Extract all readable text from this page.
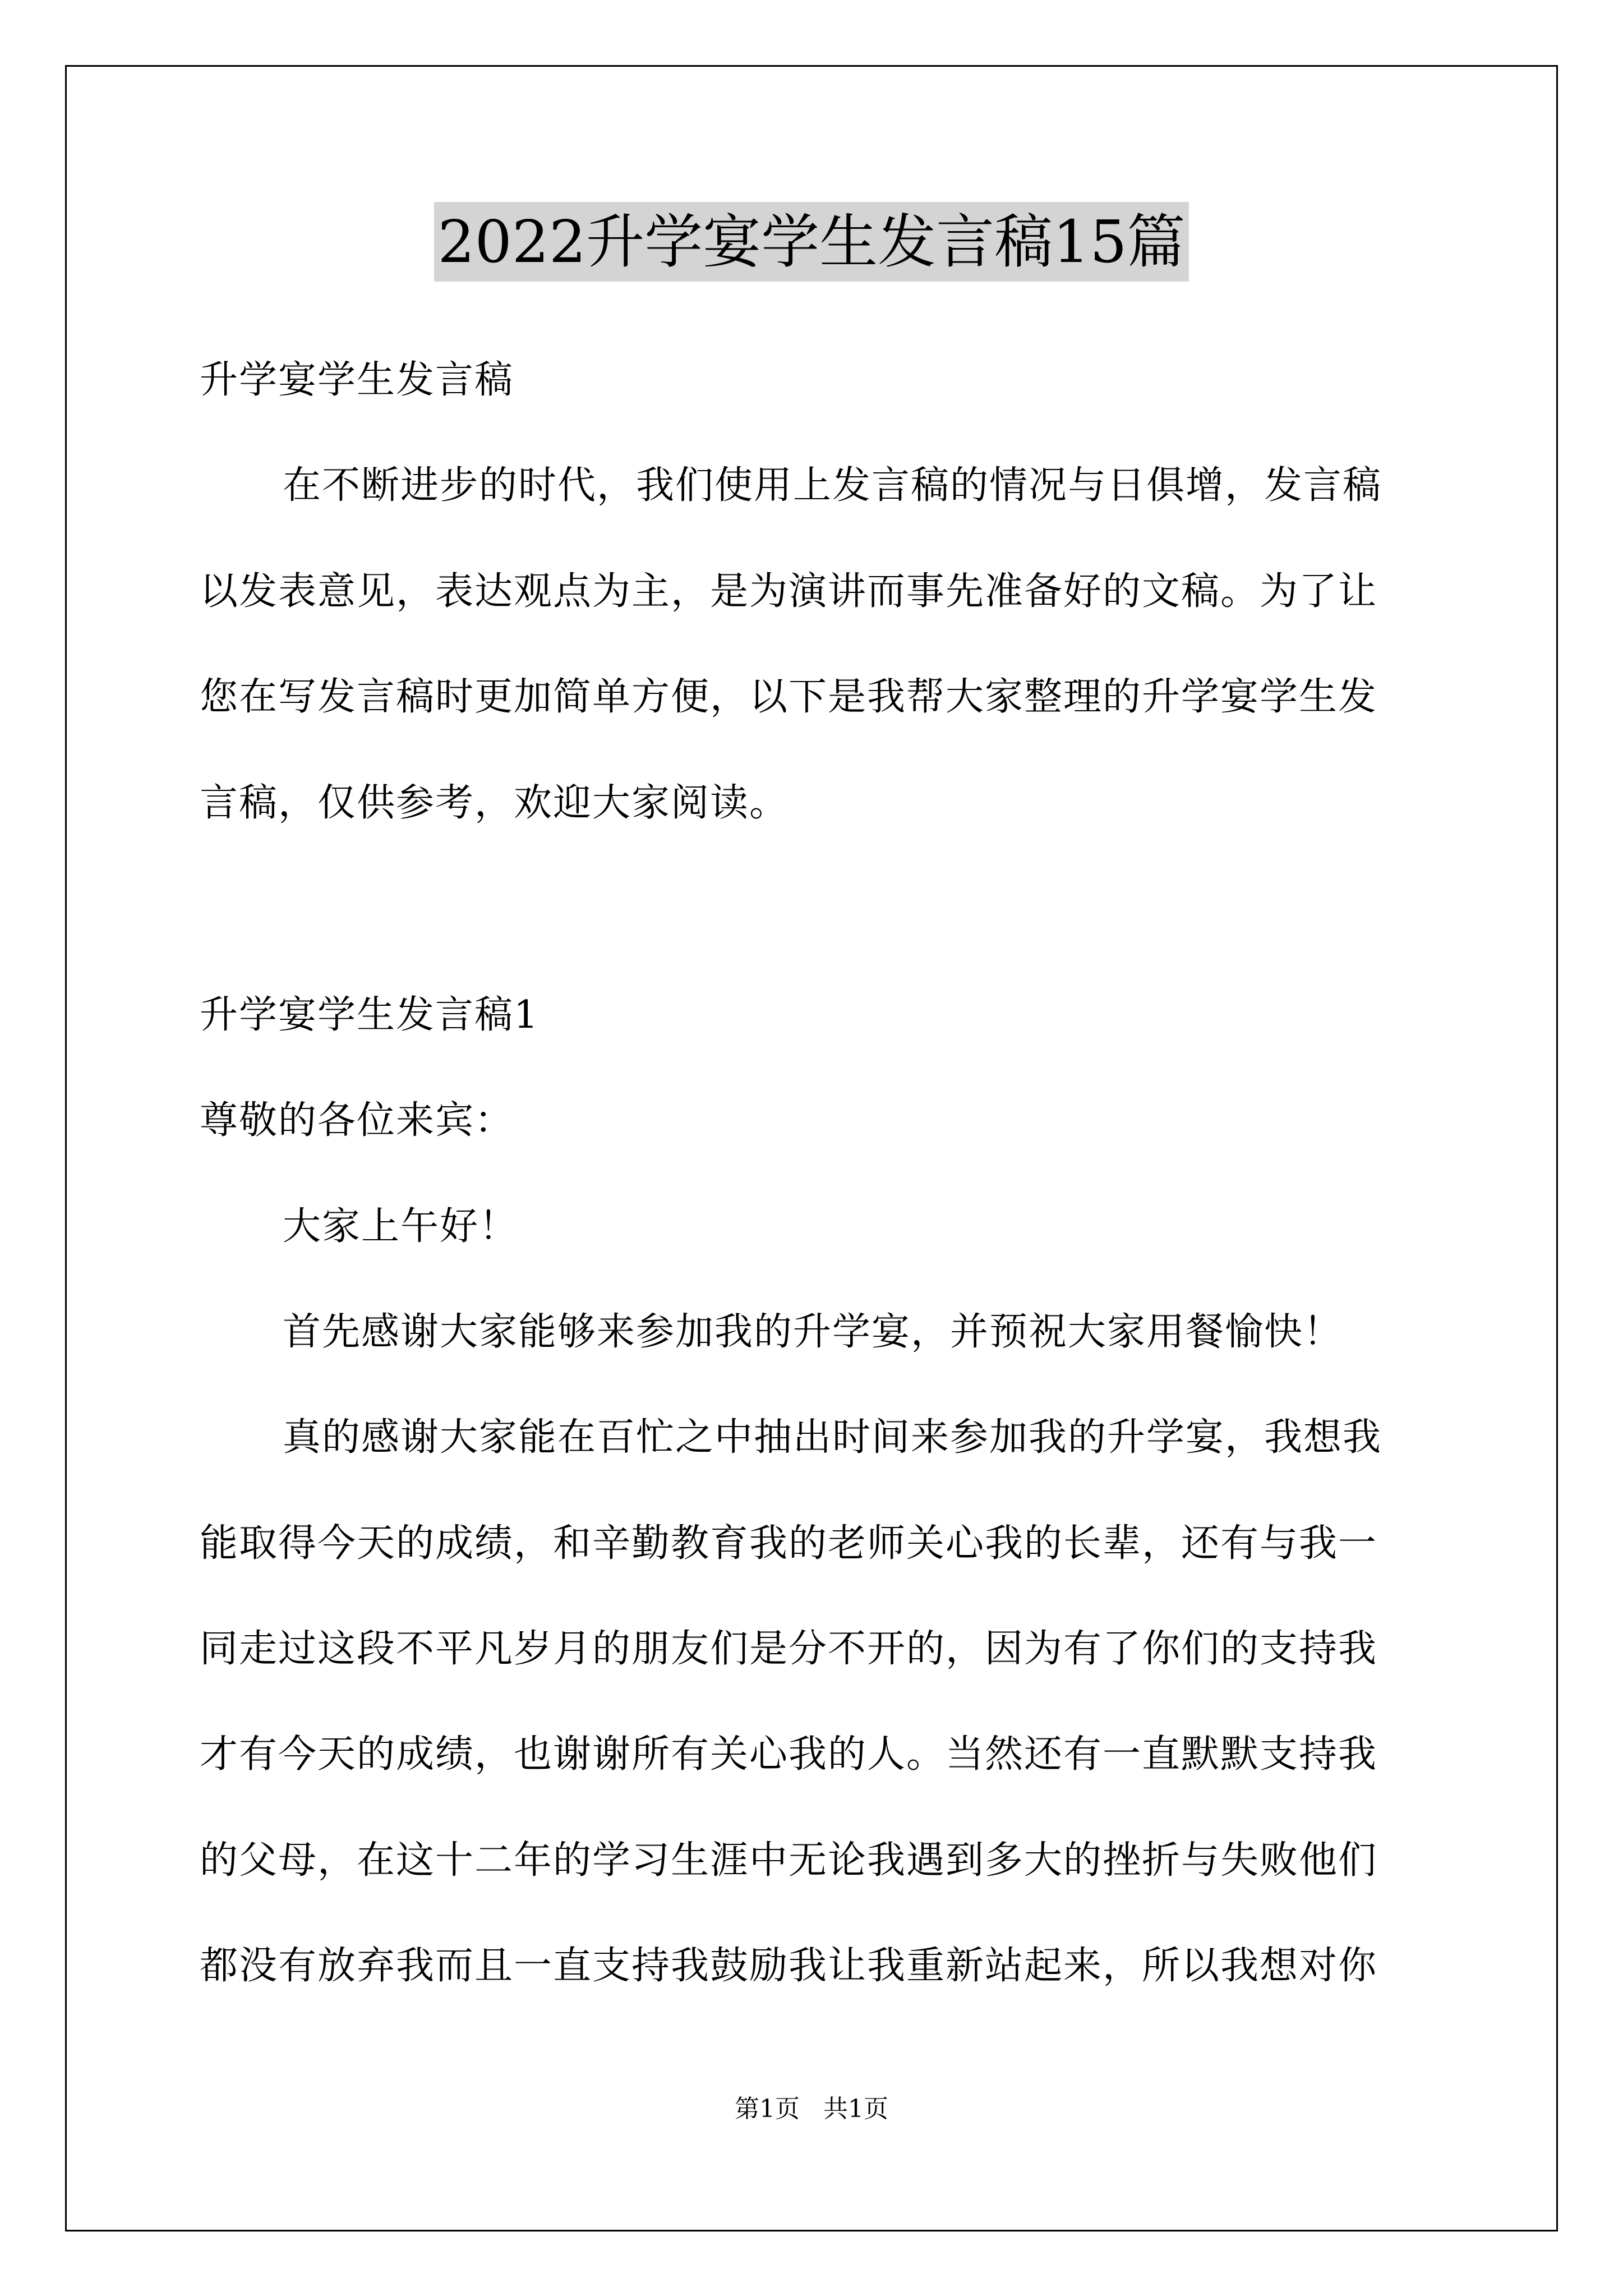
2022升学宴学生发言稿15篇
升学宴学生发言稿
在不断进步的时代，我们使用上发言稿的情况与日俱增，发言稿
以发表意见，表达观点为主，是为演讲而事先准备好的文稿。为了让
您在写发言稿时更加简单方便，以下是我帮大家整理的升学宴学生发
言稿，仅供参考，欢迎大家阅读。
升学宴学生发言稿1
尊敬的各位来宾：
大家上午好！
首先感谢大家能够来参加我的升学宴，并预祝大家用餐愉快！
真的感谢大家能在百忙之中抽出时间来参加我的升学宴，我想我
能取得今天的成绩，和辛勤教育我的老师关心我的长辈，还有与我一
同走过这段不平凡岁月的朋友们是分不开的，因为有了你们的支持我
才有今天的成绩，也谢谢所有关心我的人。当然还有一直默默支持我
的父母，在这十二年的学习生涯中无论我遇到多大的挫折与失败他们
都没有放弃我而且一直支持我鼓励我让我重新站起来，所以我想对你
第1页 共1页
